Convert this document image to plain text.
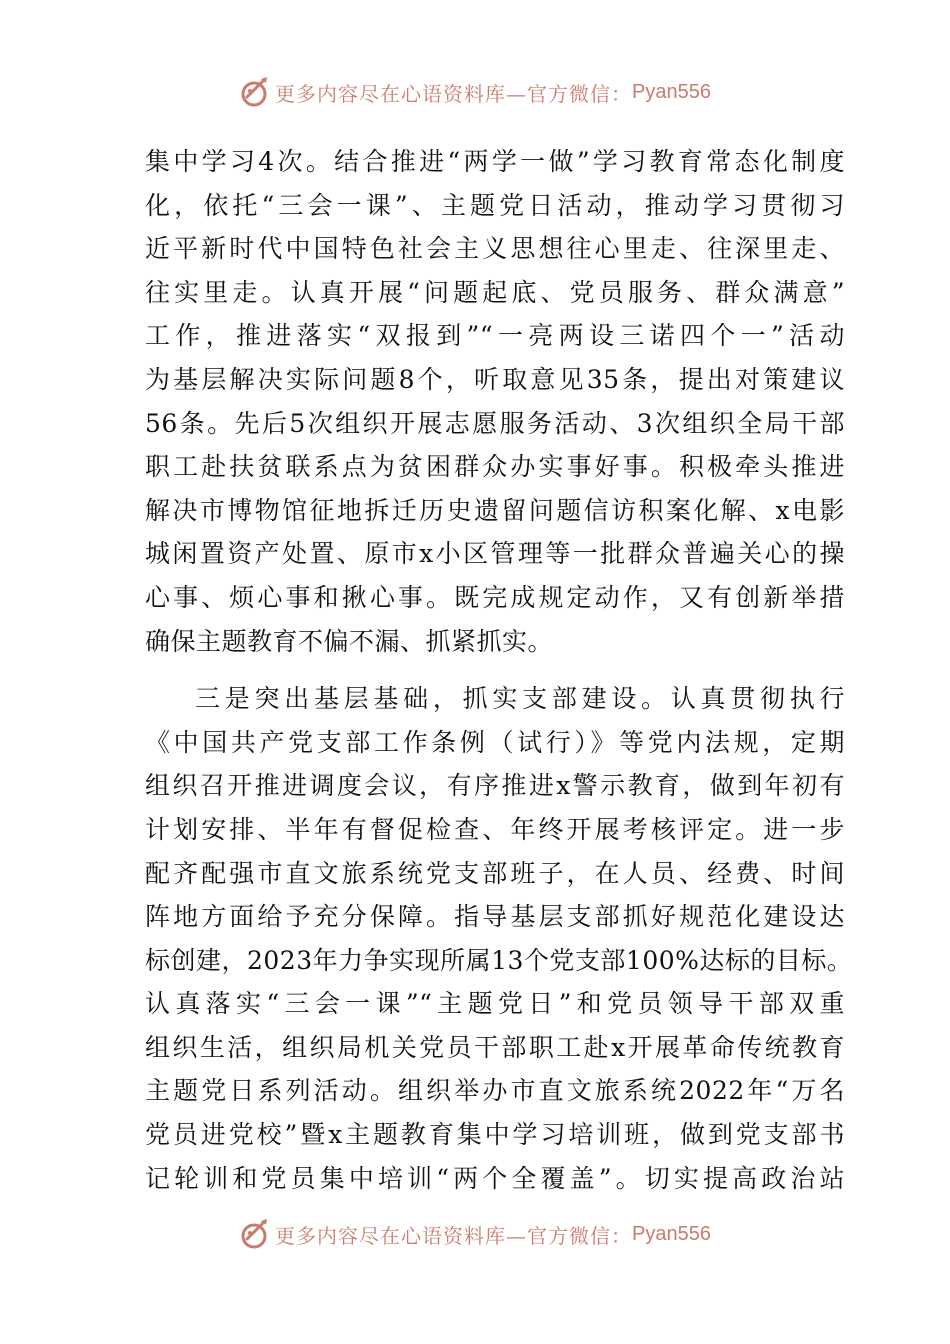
更多内容尽在心语资料库—官方微信： Pyan556
集中学习4次。结合推进“两学一做”学习教育常态化制度
化，依托“三会一课”、主题党日活动，推动学习贯彻习
近平新时代中国特色社会主义思想往心里走、往深里走、
往实里走。认真开展“问题起底、党员服务、群众满意”
工作，推进落实“双报到”“一亮两设三诺四个一”活动
为基层解决实际问题8个，听取意见35条，提出对策建议
56条。先后5次组织开展志愿服务活动、3次组织全局干部
职工赴扶贫联系点为贫困群众办实事好事。积极牵头推进
解决市博物馆征地拆迁历史遗留问题信访积案化解、x电影
城闲置资产处置、原市x小区管理等一批群众普遍关心的操
心事、烦心事和揪心事。既完成规定动作，又有创新举措
确保主题教育不偏不漏、抓紧抓实。
三是突出基层基础，抓实支部建设。认真贯彻执行
《中国共产党支部工作条例（试行）》等党内法规，定期
组织召开推进调度会议，有序推进x警示教育，做到年初有
计划安排、半年有督促检查、年终开展考核评定。进一步
配齐配强市直文旅系统党支部班子，在人员、经费、时间
阵地方面给予充分保障。指导基层支部抓好规范化建设达
标创建，2023年力争实现所属13个党支部100%达标的目标。
认真落实“三会一课”“主题党日”和党员领导干部双重
组织生活，组织局机关党员干部职工赴x开展革命传统教育
主题党日系列活动。组织举办市直文旅系统2022年“万名
党员进党校”暨x主题教育集中学习培训班，做到党支部书
记轮训和党员集中培训“两个全覆盖”。切实提高政治站
更多内容尽在心语资料库—官方微信： Pyan556
